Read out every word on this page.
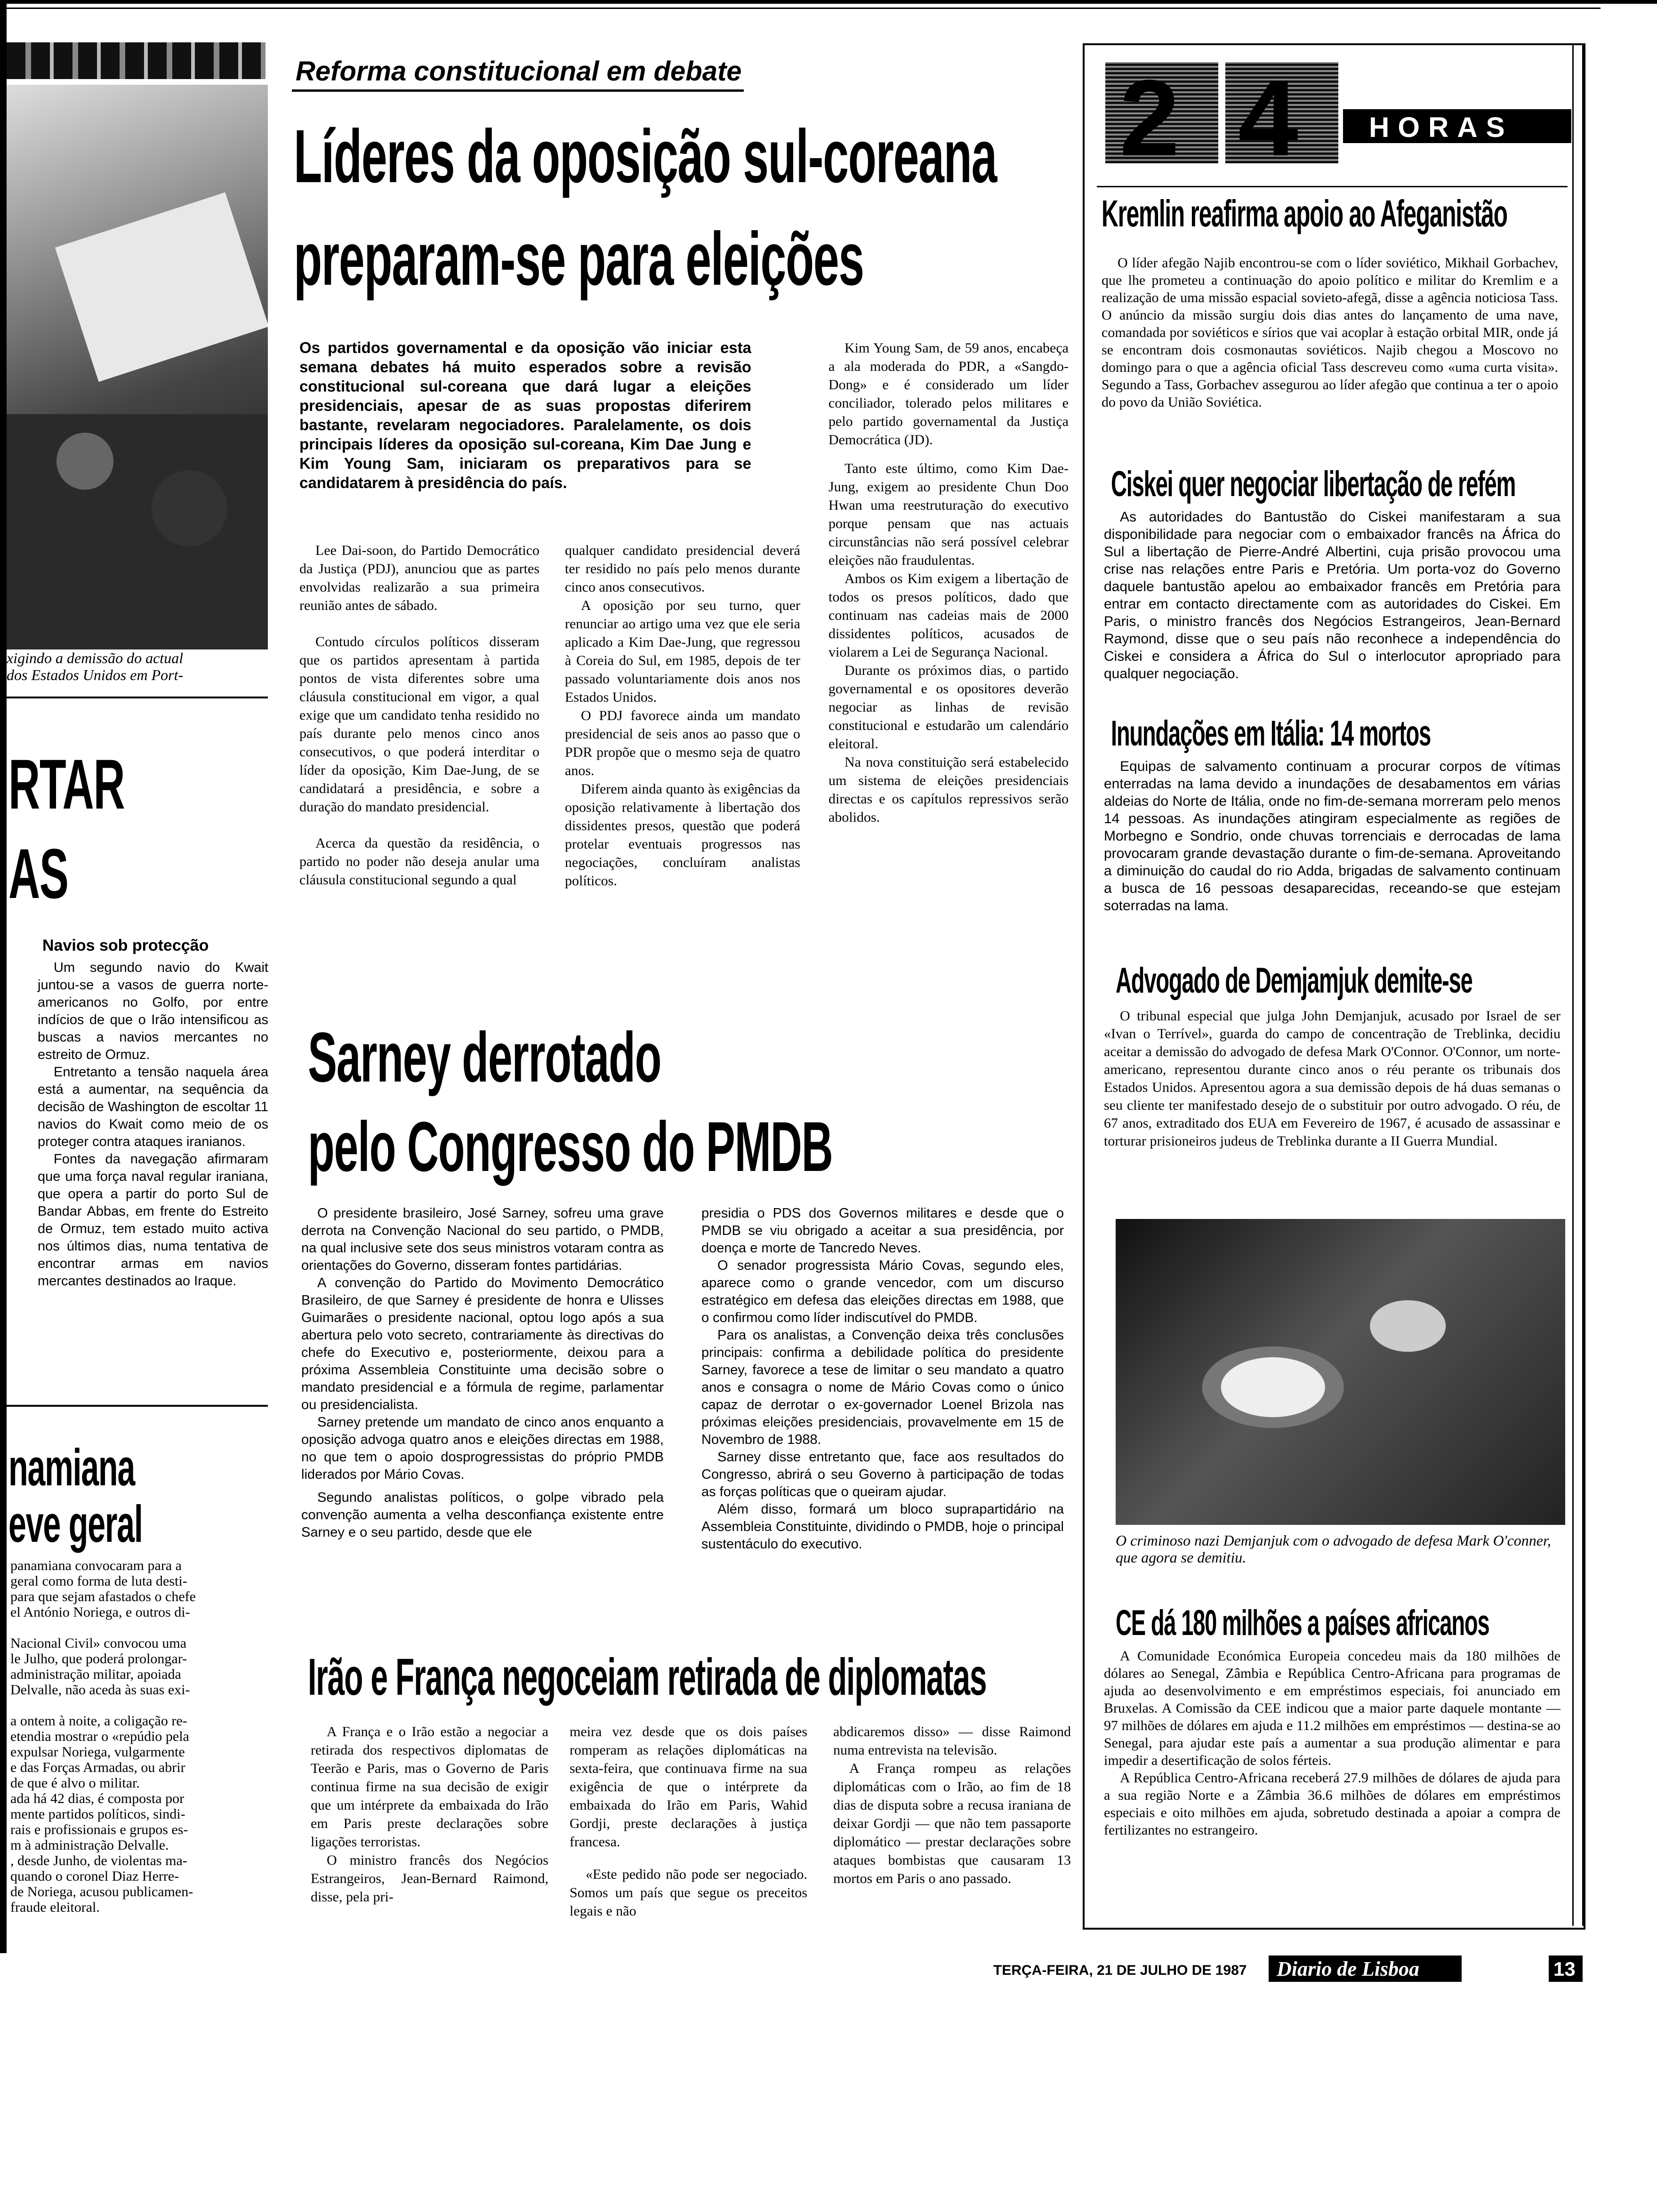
xigindo a demissão do actual
dos Estados Unidos em Port-
RTAR
AS
Navios sob protecção

Um segundo navio do Kwait juntou-se a vasos de guerra norte-americanos no Golfo, por entre indícios de que o Irão intensificou as buscas a navios mercantes no estreito de Ormuz.

Entretanto a tensão naquela área está a aumentar, na sequência da decisão de Washington de escoltar 11 navios do Kwait como meio de os proteger contra ataques iranianos.

Fontes da navegação afirmaram que uma força naval regular iraniana, que opera a partir do porto Sul de Bandar Abbas, em frente do Estreito de Ormuz, tem estado muito activa nos últimos dias, numa tentativa de encontrar armas em navios mercantes destinados ao Iraque.

namiana
eve geral
panamiana convocaram para a
geral como forma de luta desti-
para que sejam afastados o chefe
el António Noriega, e outros di-
Nacional Civil» convocou uma
le Julho, que poderá prolongar-
administração militar, apoiada
Delvalle, não aceda às suas exi-
a ontem à noite, a coligação re-
etendia mostrar o «repúdio pela
expulsar Noriega, vulgarmente
e das Forças Armadas, ou abrir
de que é alvo o militar.
ada há 42 dias, é composta por
mente partidos políticos, sindi-
rais e profissionais e grupos es-
m à administração Delvalle.
, desde Junho, de violentas ma-
quando o coronel Diaz Herre-
de Noriega, acusou publicamen-
fraude eleitoral.
Reforma constitucional em debate
Líderes da oposição sul-coreana
preparam-se para eleições
Os partidos governamental e da oposição vão iniciar esta semana debates há muito esperados sobre a revisão constitucional sul-coreana que dará lugar a eleições presidenciais, apesar de as suas propostas diferirem bastante, revelaram negociadores. Paralelamente, os dois principais líderes da oposição sul-coreana, Kim Dae Jung e Kim Young Sam, iniciaram os preparativos para se candidatarem à presidência do país.

Lee Dai-soon, do Partido Democrático da Justiça (PDJ), anunciou que as partes envolvidas realizarão a sua primeira reunião antes de sábado.

Contudo círculos políticos disseram que os partidos apresentam à partida pontos de vista diferentes sobre uma cláusula constitucional em vigor, a qual exige que um candidato tenha residido no país durante pelo menos cinco anos consecutivos, o que poderá interditar o líder da oposição, Kim Dae-Jung, de se candidatará a presidência, e sobre a duração do mandato presidencial.

Acerca da questão da residência, o partido no poder não deseja anular uma cláusula constitucional segundo a qual

qualquer candidato presidencial deverá ter residido no país pelo menos durante cinco anos consecutivos.

A oposição por seu turno, quer renunciar ao artigo uma vez que ele seria aplicado a Kim Dae-Jung, que regressou à Coreia do Sul, em 1985, depois de ter passado voluntariamente dois anos nos Estados Unidos.

O PDJ favorece ainda um mandato presidencial de seis anos ao passo que o PDR propõe que o mesmo seja de quatro anos.

Diferem ainda quanto às exigências da oposição relativamente à libertação dos dissidentes presos, questão que poderá protelar eventuais progressos nas negociações, concluíram analistas políticos.

Kim Young Sam, de 59 anos, encabeça a ala moderada do PDR, a «Sangdo-Dong» e é considerado um líder conciliador, tolerado pelos militares e pelo partido governamental da Justiça Democrática (JD).

Tanto este último, como Kim Dae-Jung, exigem ao presidente Chun Doo Hwan uma reestruturação do executivo porque pensam que nas actuais circunstâncias não será possível celebrar eleições não fraudulentas.

Ambos os Kim exigem a libertação de todos os presos políticos, dado que continuam nas cadeias mais de 2000 dissidentes políticos, acusados de violarem a Lei de Segurança Nacional.

Durante os próximos dias, o partido governamental e os opositores deverão negociar as linhas de revisão constitucional e estudarão um calendário eleitoral.

Na nova constituição será estabelecido um sistema de eleições presidenciais directas e os capítulos repressivos serão abolidos.

Sarney derrotado
pelo Congresso do PMDB

O presidente brasileiro, José Sarney, sofreu uma grave derrota na Convenção Nacional do seu partido, o PMDB, na qual inclusive sete dos seus ministros votaram contra as orientações do Governo, disseram fontes partidárias.

A convenção do Partido do Movimento Democrático Brasileiro, de que Sarney é presidente de honra e Ulisses Guimarães o presidente nacional, optou logo após a sua abertura pelo voto secreto, contrariamente às directivas do chefe do Executivo e, posteriormente, deixou para a próxima Assembleia Constituinte uma decisão sobre o mandato presidencial e a fórmula de regime, parlamentar ou presidencialista.

Sarney pretende um mandato de cinco anos enquanto a oposição advoga quatro anos e eleições directas em 1988, no que tem o apoio dosprogressistas do próprio PMDB liderados por Mário Covas.

Segundo analistas políticos, o golpe vibrado pela convenção aumenta a velha desconfiança existente entre Sarney e o seu partido, desde que ele

presidia o PDS dos Governos militares e desde que o PMDB se viu obrigado a aceitar a sua presidência, por doença e morte de Tancredo Neves.

O senador progressista Mário Covas, segundo eles, aparece como o grande vencedor, com um discurso estratégico em defesa das eleições directas em 1988, que o confirmou como líder indiscutível do PMDB.

Para os analistas, a Convenção deixa três conclusões principais: confirma a debilidade política do presidente Sarney, favorece a tese de limitar o seu mandato a quatro anos e consagra o nome de Mário Covas como o único capaz de derrotar o ex-governador Loenel Brizola nas próximas eleições presidenciais, provavelmente em 15 de Novembro de 1988.

Sarney disse entretanto que, face aos resultados do Congresso, abrirá o seu Governo à participação de todas as forças políticas que o queiram ajudar.

Além disso, formará um bloco suprapartidário na Assembleia Constituinte, dividindo o PMDB, hoje o principal sustentáculo do executivo.

Irão e França negoceiam retirada de diplomatas

A França e o Irão estão a negociar a retirada dos respectivos diplomatas de Teerão e Paris, mas o Governo de Paris continua firme na sua decisão de exigir que um intérprete da embaixada do Irão em Paris preste declarações sobre ligações terroristas.

O ministro francês dos Negócios Estrangeiros, Jean-Bernard Raimond, disse, pela pri-

meira vez desde que os dois países romperam as relações diplomáticas na sexta-feira, que continuava firme na sua exigência de que o intérprete da embaixada do Irão em Paris, Wahid Gordji, preste declarações à justiça francesa.

«Este pedido não pode ser negociado. Somos um país que segue os preceitos legais e não

abdicaremos disso» — disse Raimond numa entrevista na televisão.

A França rompeu as relações diplomáticas com o Irão, ao fim de 18 dias de disputa sobre a recusa iraniana de deixar Gordji — que não tem passaporte diplomático — prestar declarações sobre ataques bombistas que causaram 13 mortos em Paris o ano passado.

2 4	HORAS
Kremlin reafirma apoio ao Afeganistão
O líder afegão Najib encontrou-se com o líder soviético, Mikhail Gorbachev, que lhe prometeu a continuação do apoio político e militar do Kremlim e a realização de uma missão espacial sovieto-afegã, disse a agência noticiosa Tass. O anúncio da missão surgiu dois dias antes do lançamento de uma nave, comandada por soviéticos e sírios que vai acoplar à estação orbital MIR, onde já se encontram dois cosmonautas soviéticos. Najib chegou a Moscovo no domingo para o que a agência oficial Tass descreveu como «uma curta visita». Segundo a Tass, Gorbachev assegurou ao líder afegão que continua a ter o apoio do povo da União Soviética.
Ciskei quer negociar libertação de refém
As autoridades do Bantustão do Ciskei manifestaram a sua disponibilidade para negociar com o embaixador francês na África do Sul a libertação de Pierre-André Albertini, cuja prisão provocou uma crise nas relações entre Paris e Pretória. Um porta-voz do Governo daquele bantustão apelou ao embaixador francês em Pretória para entrar em contacto directamente com as autoridades do Ciskei. Em Paris, o ministro francês dos Negócios Estrangeiros, Jean-Bernard Raymond, disse que o seu país não reconhece a independência do Ciskei e considera a África do Sul o interlocutor apropriado para qualquer negociação.
Inundações em Itália: 14 mortos
Equipas de salvamento continuam a procurar corpos de vítimas enterradas na lama devido a inundações de desabamentos em várias aldeias do Norte de Itália, onde no fim-de-semana morreram pelo menos 14 pessoas. As inundações atingiram especialmente as regiões de Morbegno e Sondrio, onde chuvas torrenciais e derrocadas de lama provocaram grande devastação durante o fim-de-semana. Aproveitando a diminuição do caudal do rio Adda, brigadas de salvamento continuam a busca de 16 pessoas desaparecidas, receando-se que estejam soterradas na lama.
Advogado de Demjamjuk demite-se
O tribunal especial que julga John Demjanjuk, acusado por Israel de ser «Ivan o Terrível», guarda do campo de concentração de Treblinka, decidiu aceitar a demissão do advogado de defesa Mark O'Connor. O'Connor, um norte-americano, representou durante cinco anos o réu perante os tribunais dos Estados Unidos. Apresentou agora a sua demissão depois de há duas semanas o seu cliente ter manifestado desejo de o substituir por outro advogado. O réu, de 67 anos, extraditado dos EUA em Fevereiro de 1967, é acusado de assassinar e torturar prisioneiros judeus de Treblinka durante a II Guerra Mundial.
O criminoso nazi Demjanjuk com o advogado de defesa Mark O'conner, que agora se demitiu.
CE dá 180 milhões a países africanos

A Comunidade Económica Europeia concedeu mais da 180 milhões de dólares ao Senegal, Zâmbia e República Centro-Africana para programas de ajuda ao desenvolvimento e em empréstimos especiais, foi anunciado em Bruxelas. A Comissão da CEE indicou que a maior parte daquele montante — 97 milhões de dólares em ajuda e 11.2 milhões em empréstimos — destina-se ao Senegal, para ajudar este país a aumentar a sua produção alimentar e para impedir a desertificação de solos férteis.

A República Centro-Africana receberá 27.9 milhões de dólares de ajuda para a sua região Norte e a Zâmbia 36.6 milhões de dólares em empréstimos especiais e oito milhões em ajuda, sobretudo destinada a apoiar a compra de fertilizantes no estrangeiro.

TERÇA-FEIRA, 21 DE JULHO DE 1987 Diario de Lisboa	13
